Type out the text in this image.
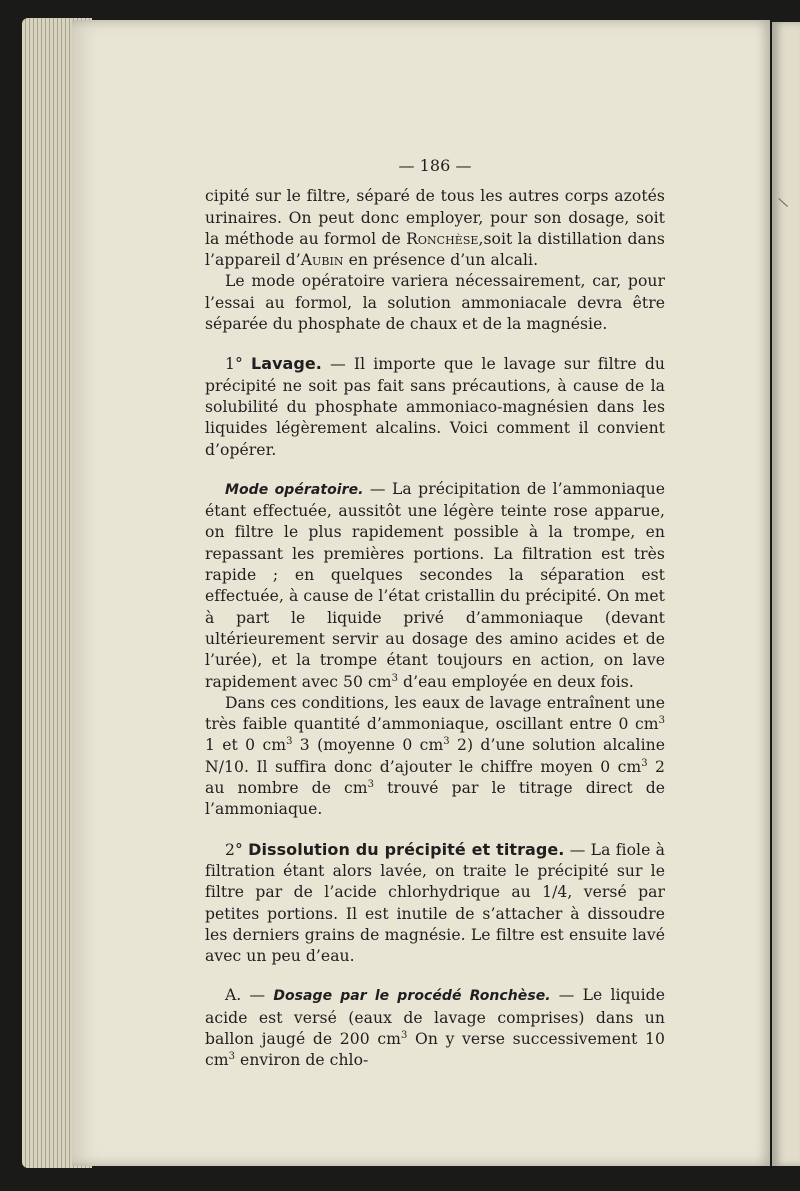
\
— 186 —

cipité sur le filtre, séparé de tous les autres corps azotés urinaires. On peut donc employer, pour son dosage, soit la méthode au formol de Ronchèse,soit la distillation dans l’appareil d’Aubin en présence d’un alcali.

Le mode opératoire variera nécessairement, car, pour l’essai au formol, la solution ammoniacale devra être séparée du phosphate de chaux et de la magnésie.

1° Lavage. — Il importe que le lavage sur filtre du précipité ne soit pas fait sans précautions, à cause de la solubilité du phosphate ammoniaco-magnésien dans les liquides légèrement alcalins. Voici comment il convient d’opérer.

Mode opératoire. — La précipitation de l’ammoniaque étant effectuée, aussitôt une légère teinte rose apparue, on filtre le plus rapidement possible à la trompe, en repassant les premières portions. La filtration est très rapide ; en quelques secondes la séparation est effectuée, à cause de l’état cristallin du précipité. On met à part le liquide privé d’ammoniaque (devant ultérieurement servir au dosage des amino acides et de l’urée), et la trompe étant toujours en action, on lave rapidement avec 50 $cm^3$ d’eau employée en deux fois.

Dans ces conditions, les eaux de lavage entraînent une très faible quantité d’ammoniaque, oscillant entre 0 $cm^3$ 1 et 0 $cm^3$ 3 (moyenne 0 $cm^3$ 2) d’une solution alcaline N/10. Il suffira donc d’ajouter le chiffre moyen 0 $cm^3$ 2 au nombre de $cm^3$ trouvé par le titrage direct de l’ammoniaque.

2° Dissolution du précipité et titrage. — La fiole à filtration étant alors lavée, on traite le précipité sur le filtre par de l’acide chlorhydrique au 1/4, versé par petites portions. Il est inutile de s’attacher à dissoudre les derniers grains de magnésie. Le filtre est ensuite lavé avec un peu d’eau.

A. — Dosage par le procédé Ronchèse. — Le liquide acide est versé (eaux de lavage comprises) dans un ballon jaugé de 200 $cm^3$ On y verse successivement 10 $cm^3$ environ de chlo-
